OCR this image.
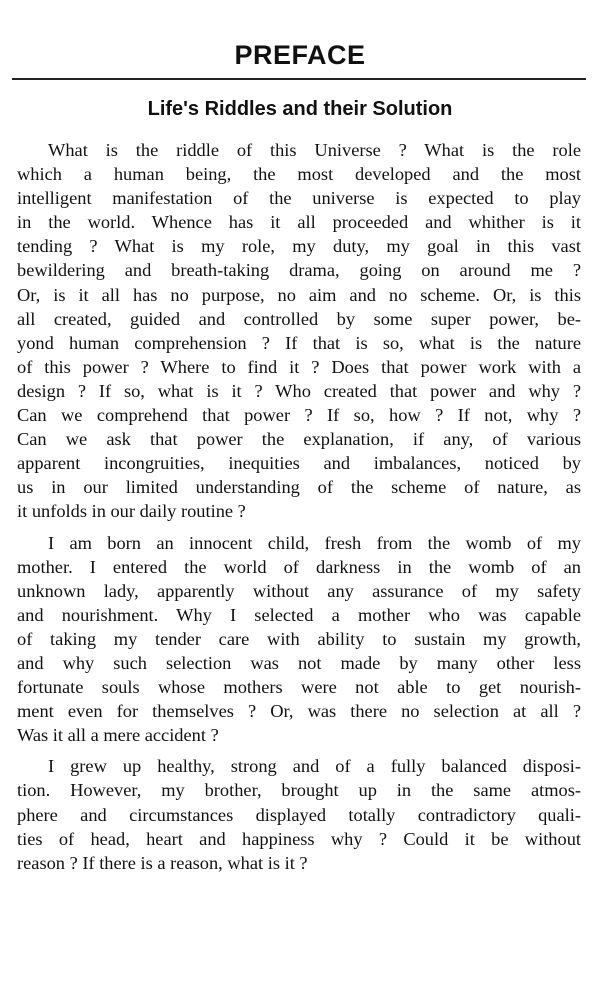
PREFACE
Life's Riddles and their Solution
What is the riddle of this Universe ? What is the role
which a human being, the most developed and the most
intelligent manifestation of the universe is expected to play
in the world. Whence has it all proceeded and whither is it
tending ? What is my role, my duty, my goal in this vast
bewildering and breath-taking drama, going on around me ?
Or, is it all has no purpose, no aim and no scheme. Or, is this
all created, guided and controlled by some super power, be-
yond human comprehension ? If that is so, what is the nature
of this power ? Where to find it ? Does that power work with a
design ? If so, what is it ? Who created that power and why ?
Can we comprehend that power ? If so, how ? If not, why ?
Can we ask that power the explanation, if any, of various
apparent incongruities, inequities and imbalances, noticed by
us in our limited understanding of the scheme of nature, as
it unfolds in our daily routine ?
I am born an innocent child, fresh from the womb of my
mother. I entered the world of darkness in the womb of an
unknown lady, apparently without any assurance of my safety
and nourishment. Why I selected a mother who was capable
of taking my tender care with ability to sustain my growth,
and why such selection was not made by many other less
fortunate souls whose mothers were not able to get nourish-
ment even for themselves ? Or, was there no selection at all ?
Was it all a mere accident ?
I grew up healthy, strong and of a fully balanced disposi-
tion. However, my brother, brought up in the same atmos-
phere and circumstances displayed totally contradictory quali-
ties of head, heart and happiness why ? Could it be without
reason ? If there is a reason, what is it ?
